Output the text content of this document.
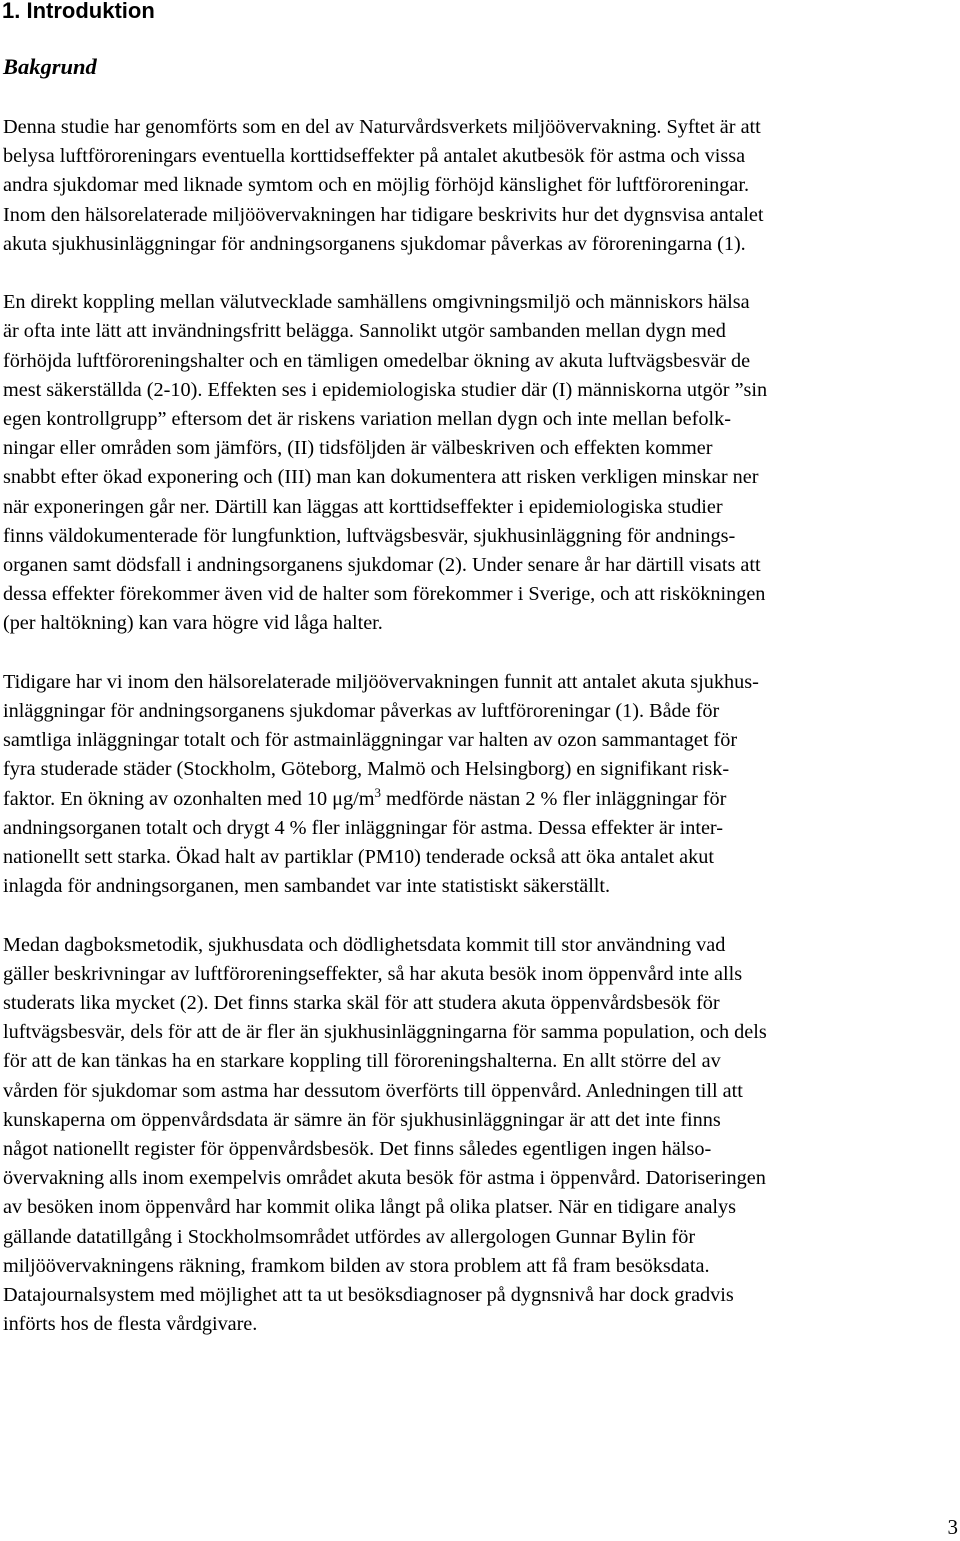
1. Introduktion
Bakgrund

Denna studie har genomförts som en del av Naturvårdsverkets miljöövervakning. Syftet är att
belysa luftföroreningars eventuella korttidseffekter på antalet akutbesök för astma och vissa
andra sjukdomar med liknade symtom och en möjlig förhöjd känslighet för luftföroreningar.
Inom den hälsorelaterade miljöövervakningen har tidigare beskrivits hur det dygnsvisa antalet
akuta sjukhusinläggningar för andningsorganens sjukdomar påverkas av föroreningarna (1).

En direkt koppling mellan välutvecklade samhällens omgivningsmiljö och människors hälsa
är ofta inte lätt att invändningsfritt belägga. Sannolikt utgör sambanden mellan dygn med
förhöjda luftföroreningshalter och en tämligen omedelbar ökning av akuta luftvägsbesvär de
mest säkerställda (2-10). Effekten ses i epidemiologiska studier där (I) människorna utgör ”sin
egen kontrollgrupp” eftersom det är riskens variation mellan dygn och inte mellan befolk-
ningar eller områden som jämförs, (II) tidsföljden är välbeskriven och effekten kommer
snabbt efter ökad exponering och (III) man kan dokumentera att risken verkligen minskar ner
när exponeringen går ner. Därtill kan läggas att korttidseffekter i epidemiologiska studier
finns väldokumenterade för lungfunktion, luftvägsbesvär, sjukhusinläggning för andnings-
organen samt dödsfall i andningsorganens sjukdomar (2). Under senare år har därtill visats att
dessa effekter förekommer även vid de halter som förekommer i Sverige, och att riskökningen
(per haltökning) kan vara högre vid låga halter.

Tidigare har vi inom den hälsorelaterade miljöövervakningen funnit att antalet akuta sjukhus-
inläggningar för andningsorganens sjukdomar påverkas av luftföroreningar (1). Både för
samtliga inläggningar totalt och för astmainläggningar var halten av ozon sammantaget för
fyra studerade städer (Stockholm, Göteborg, Malmö och Helsingborg) en signifikant risk-
faktor. En ökning av ozonhalten med 10 $\mu g/m^3$ medförde nästan 2 % fler inläggningar för
andningsorganen totalt och drygt 4 % fler inläggningar för astma. Dessa effekter är inter-
nationellt sett starka. Ökad halt av partiklar (PM10) tenderade också att öka antalet akut
inlagda för andningsorganen, men sambandet var inte statistiskt säkerställt.

Medan dagboksmetodik, sjukhusdata och dödlighetsdata kommit till stor användning vad
gäller beskrivningar av luftföroreningseffekter, så har akuta besök inom öppenvård inte alls
studerats lika mycket (2). Det finns starka skäl för att studera akuta öppenvårdsbesök för
luftvägsbesvär, dels för att de är fler än sjukhusinläggningarna för samma population, och dels
för att de kan tänkas ha en starkare koppling till föroreningshalterna. En allt större del av
vården för sjukdomar som astma har dessutom överförts till öppenvård. Anledningen till att
kunskaperna om öppenvårdsdata är sämre än för sjukhusinläggningar är att det inte finns
något nationellt register för öppenvårdsbesök. Det finns således egentligen ingen hälso-
övervakning alls inom exempelvis området akuta besök för astma i öppenvård. Datoriseringen
av besöken inom öppenvård har kommit olika långt på olika platser. När en tidigare analys
gällande datatillgång i Stockholmsområdet utfördes av allergologen Gunnar Bylin för
miljöövervakningens räkning, framkom bilden av stora problem att få fram besöksdata.
Datajournalsystem med möjlighet att ta ut besöksdiagnoser på dygnsnivå har dock gradvis
införts hos de flesta vårdgivare.

3
